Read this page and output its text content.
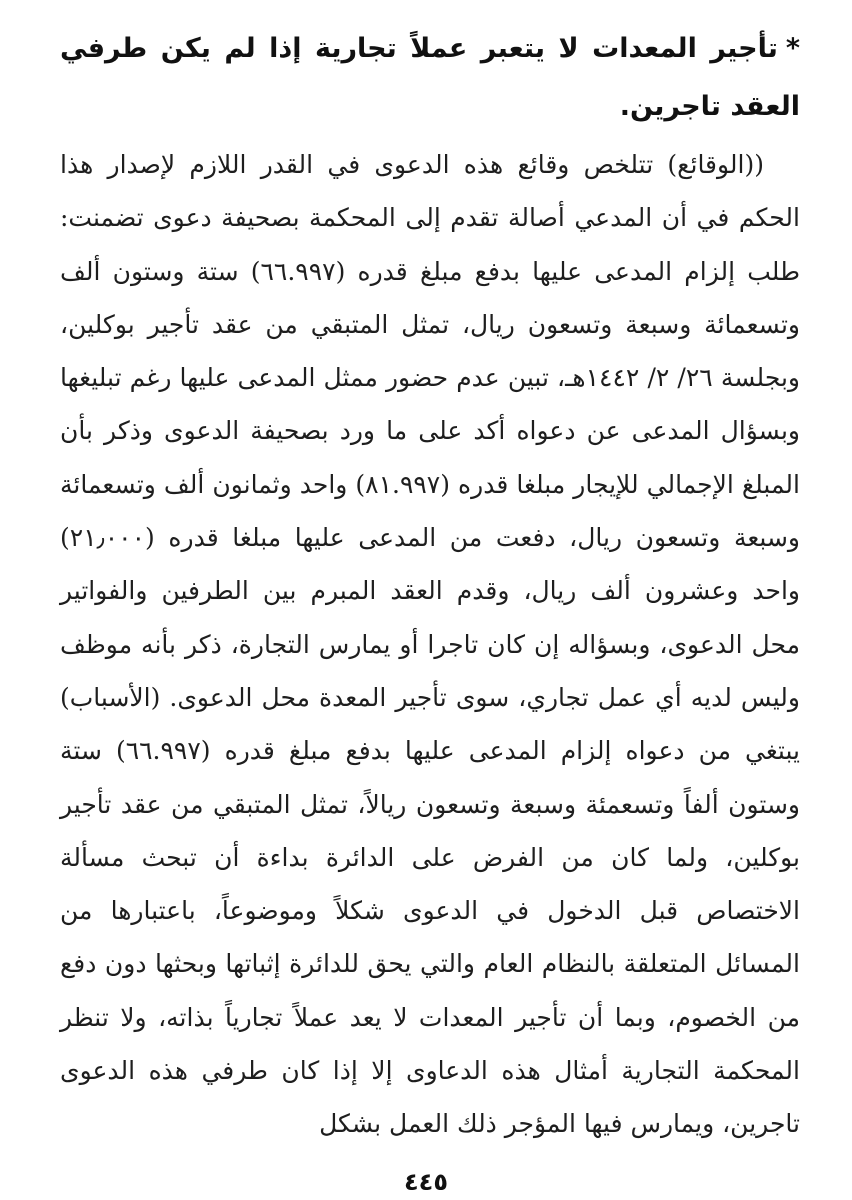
*تأجير المعدات لا يتعبر عملاً تجارية إذا لم يكن طرفي العقد تاجرين.

((الوقائع) تتلخص وقائع هذه الدعوى في القدر اللازم لإصدار هذا الحكم في أن المدعي أصالة تقدم إلى المحكمة بصحيفة دعوى تضمنت: طلب إلزام المدعى عليها بدفع مبلغ قدره (٦٦.٩٩٧) ستة وستون ألف وتسعمائة وسبعة وتسعون ريال، تمثل المتبقي من عقد تأجير بوكلين، وبجلسة ٢٦/ ٢/ ١٤٤٢هـ، تبين عدم حضور ممثل المدعى عليها رغم تبليغها وبسؤال المدعى عن دعواه أكد على ما ورد بصحيفة الدعوى وذكر بأن المبلغ الإجمالي للإيجار مبلغا قدره (٨١.٩٩٧) واحد وثمانون ألف وتسعمائة وسبعة وتسعون ريال، دفعت من المدعى عليها مبلغا قدره (٢١٫٠٠٠) واحد وعشرون ألف ريال، وقدم العقد المبرم بين الطرفين والفواتير محل الدعوى، وبسؤاله إن كان تاجرا أو يمارس التجارة، ذكر بأنه موظف وليس لديه أي عمل تجاري، سوى تأجير المعدة محل الدعوى. (الأسباب) يبتغي من دعواه إلزام المدعى عليها بدفع مبلغ قدره (٦٦.٩٩٧) ستة وستون ألفاً وتسعمئة وسبعة وتسعون ريالاً، تمثل المتبقي من عقد تأجير بوكلين، ولما كان من الفرض على الدائرة بداءة أن تبحث مسألة الاختصاص قبل الدخول في الدعوى شكلاً وموضوعاً، باعتبارها من المسائل المتعلقة بالنظام العام والتي يحق للدائرة إثباتها وبحثها دون دفع من الخصوم، وبما أن تأجير المعدات لا يعد عملاً تجارياً بذاته، ولا تنظر المحكمة التجارية أمثال هذه الدعاوى إلا إذا كان طرفي هذه الدعوى تاجرين، ويمارس فيها المؤجر ذلك العمل بشكل

٤٤٥
